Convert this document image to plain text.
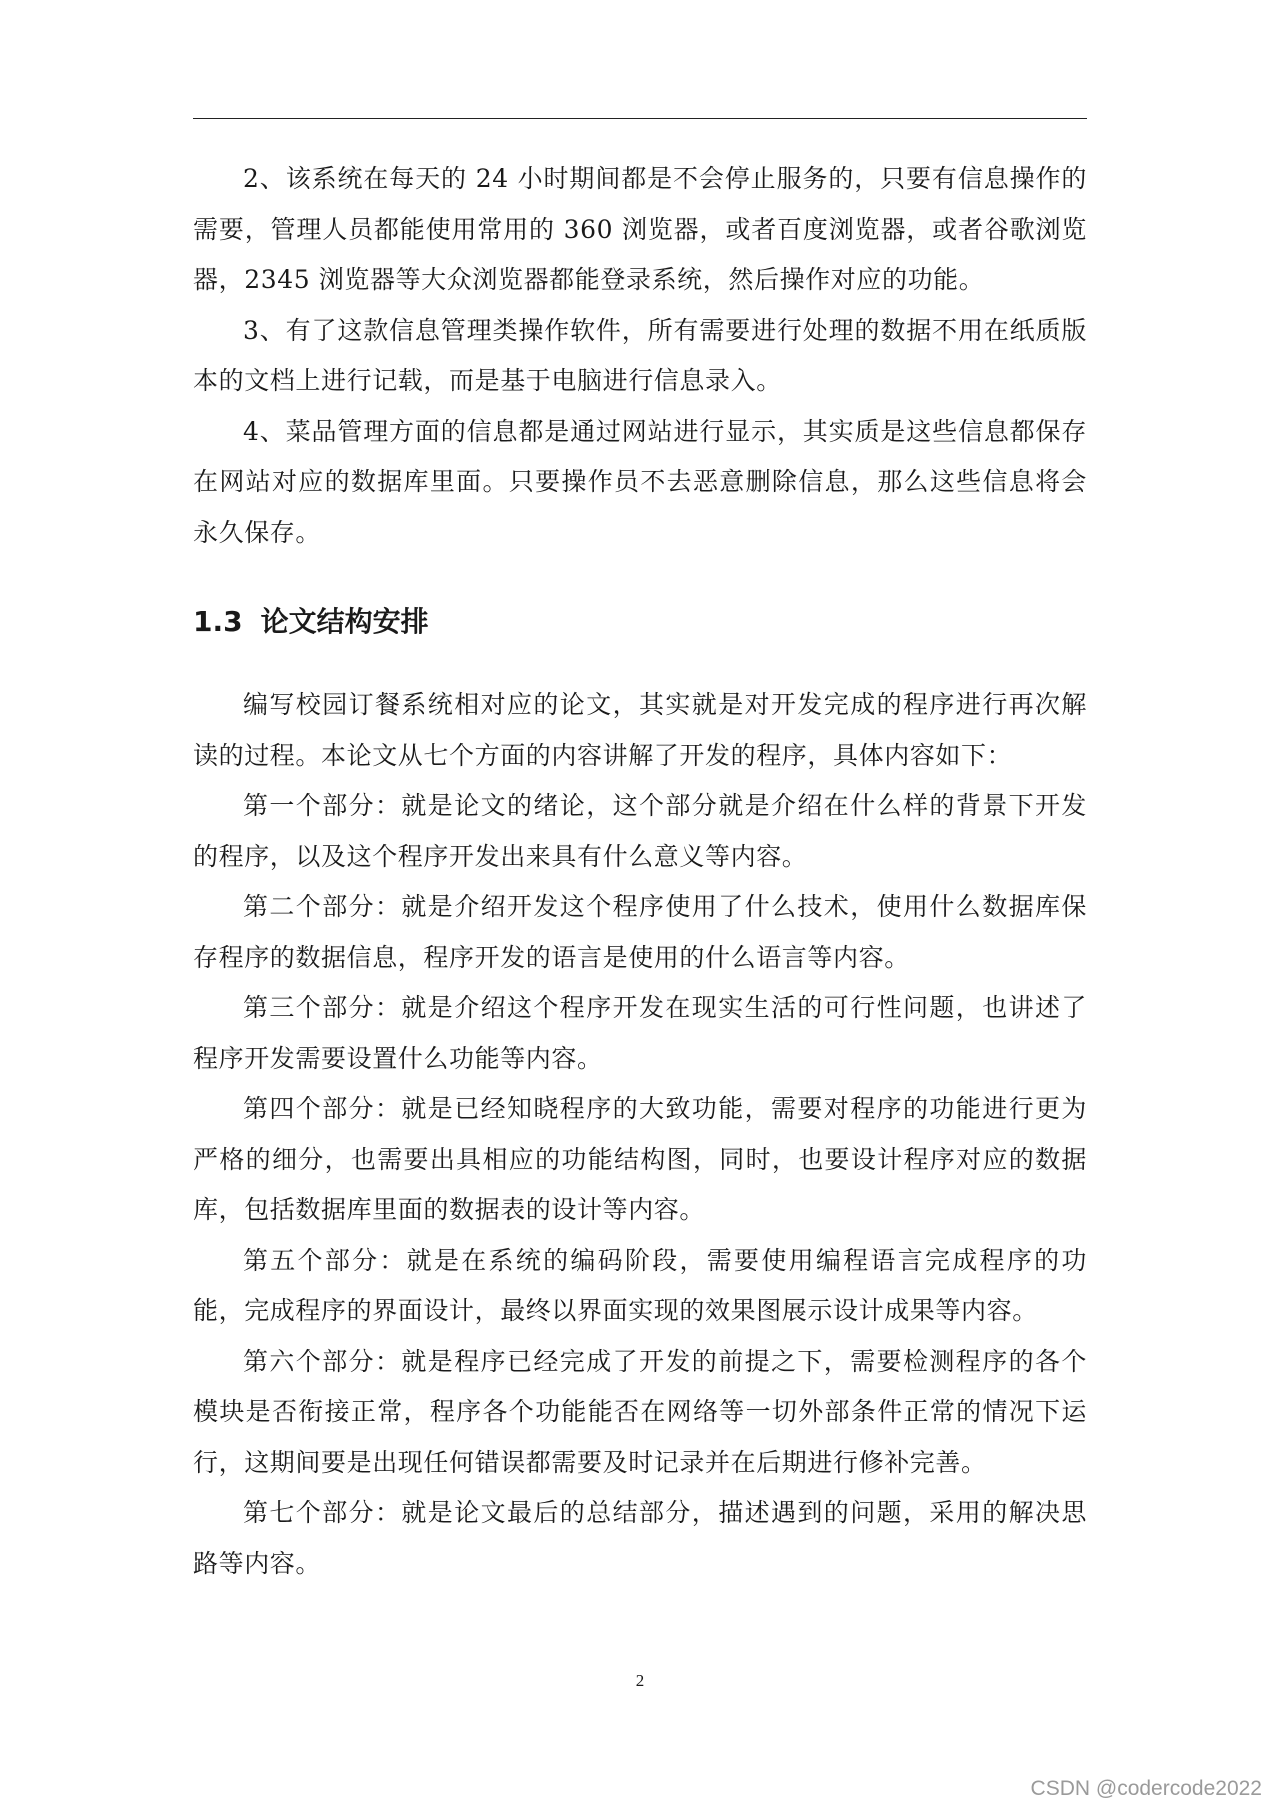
2、该系统在每天的 24 小时期间都是不会停止服务的，只要有信息操作的需要，管理人员都能使用常用的 360 浏览器，或者百度浏览器，或者谷歌浏览器，2345 浏览器等大众浏览器都能登录系统，然后操作对应的功能。

3、有了这款信息管理类操作软件，所有需要进行处理的数据不用在纸质版本的文档上进行记载，而是基于电脑进行信息录入。

4、菜品管理方面的信息都是通过网站进行显示，其实质是这些信息都保存在网站对应的数据库里面。只要操作员不去恶意删除信息，那么这些信息将会永久保存。

1.3 论文结构安排

编写校园订餐系统相对应的论文，其实就是对开发完成的程序进行再次解读的过程。本论文从七个方面的内容讲解了开发的程序，具体内容如下：

第一个部分：就是论文的绪论，这个部分就是介绍在什么样的背景下开发的程序，以及这个程序开发出来具有什么意义等内容。

第二个部分：就是介绍开发这个程序使用了什么技术，使用什么数据库保存程序的数据信息，程序开发的语言是使用的什么语言等内容。

第三个部分：就是介绍这个程序开发在现实生活的可行性问题，也讲述了程序开发需要设置什么功能等内容。

第四个部分：就是已经知晓程序的大致功能，需要对程序的功能进行更为严格的细分，也需要出具相应的功能结构图，同时，也要设计程序对应的数据库，包括数据库里面的数据表的设计等内容。

第五个部分：就是在系统的编码阶段，需要使用编程语言完成程序的功能，完成程序的界面设计，最终以界面实现的效果图展示设计成果等内容。

第六个部分：就是程序已经完成了开发的前提之下，需要检测程序的各个模块是否衔接正常，程序各个功能能否在网络等一切外部条件正常的情况下运行，这期间要是出现任何错误都需要及时记录并在后期进行修补完善。

第七个部分：就是论文最后的总结部分，描述遇到的问题，采用的解决思路等内容。

2
CSDN @codercode2022
